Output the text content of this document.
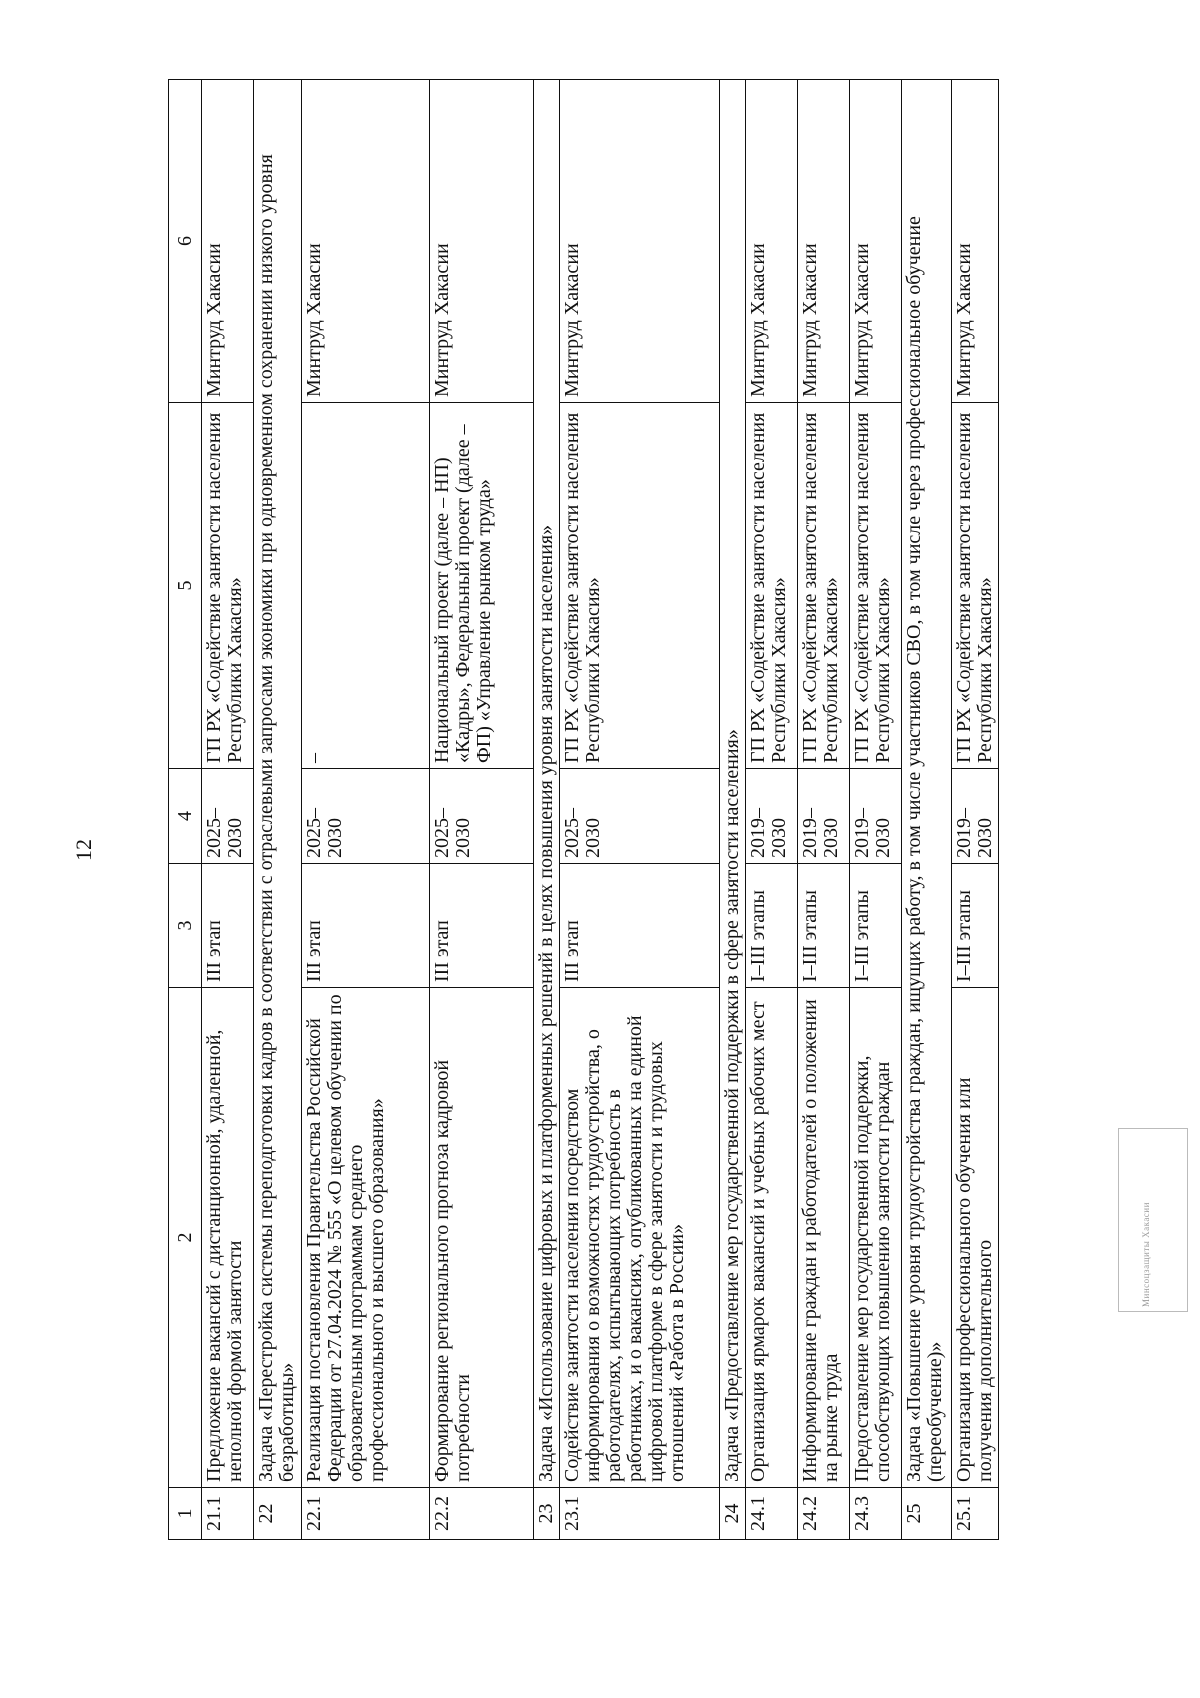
12
1	2	3	4	5	6
21.1	Предложение вакансий с дистанционной, удаленной, неполной формой занятости	III этап	2025–2030	ГП РХ «Содействие занятости населения Республики Хакасия»	Минтруд Хакасии
22	Задача «Перестройка системы переподготовки кадров в соответствии с отраслевыми запросами экономики при одновременном сохранении низкого уровня безработицы»				
22.1	Реализация постановления Правительства Российской Федерации от 27.04.2024 № 555 «О целевом обучении по образовательным программам среднего профессионального и высшего образования»	III этап	2025–2030	–	Минтруд Хакасии
22.2	Формирование регионального прогноза кадровой потребности	III этап	2025–2030	Национальный проект (далее – НП) «Кадры», Федеральный проект (далее – ФП) «Управление рынком труда»	Минтруд Хакасии
23	Задача «Использование цифровых и платформенных решений в целях повышения уровня занятости населения»				
23.1	Содействие занятости населения посредством информирования о возможностях трудоустройства, о работодателях, испытывающих потребность в работниках, и о вакансиях, опубликованных на единой цифровой платформе в сфере занятости и трудовых отношений «Работа в России»	III этап	2025–2030	ГП РХ «Содействие занятости населения Республики Хакасия»	Минтруд Хакасии
24	Задача «Предоставление мер государственной поддержки в сфере занятости населения»				
24.1	Организация ярмарок вакансий и учебных рабочих мест	I–III этапы	2019–2030	ГП РХ «Содействие занятости населения Республики Хакасия»	Минтруд Хакасии
24.2	Информирование граждан и работодателей о положении на рынке труда	I–III этапы	2019–2030	ГП РХ «Содействие занятости населения Республики Хакасия»	Минтруд Хакасии
24.3	Предоставление мер государственной поддержки, способствующих повышению занятости граждан	I–III этапы	2019–2030	ГП РХ «Содействие занятости населения Республики Хакасия»	Минтруд Хакасии
25	Задача «Повышение уровня трудоустройства граждан, ищущих работу, в том числе участников СВО, в том числе через профессиональное обучение (переобучение)»				
25.1	Организация профессионального обучения или получения дополнительного	I–III этапы	2019–2030	ГП РХ «Содействие занятости населения Республики Хакасия»	Минтруд Хакасии
Минсоцзащиты Хакасии
